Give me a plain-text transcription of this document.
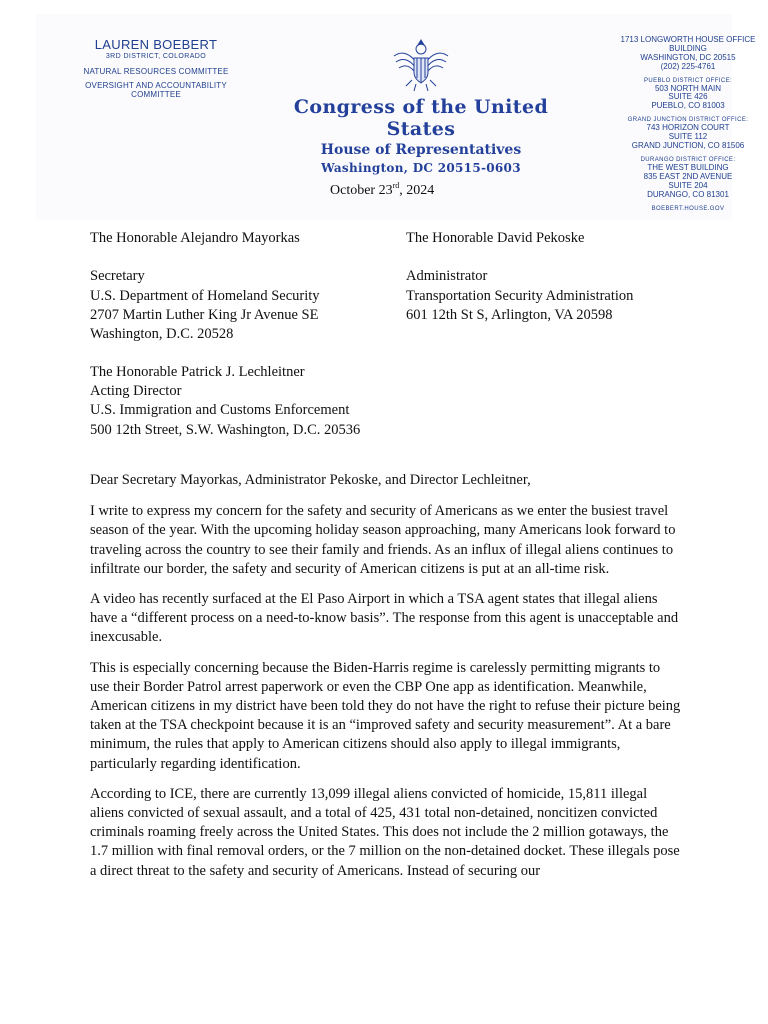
LAUREN BOEBERT
3RD DISTRICT, COLORADO
NATURAL RESOURCES COMMITTEE
OVERSIGHT AND ACCOUNTABILITY COMMITTEE
Congress of the United States
House of Representatives
Washington, DC 20515-0603
1713 LONGWORTH HOUSE OFFICE BUILDING
WASHINGTON, DC 20515
(202) 225-4761
PUEBLO DISTRICT OFFICE:
503 NORTH MAIN
SUITE 426
PUEBLO, CO 81003
GRAND JUNCTION DISTRICT OFFICE:
743 HORIZON COURT
SUITE 112
GRAND JUNCTION, CO 81506
DURANGO DISTRICT OFFICE:
THE WEST BUILDING
835 EAST 2ND AVENUE
SUITE 204
DURANGO, CO 81301
BOEBERT.HOUSE.GOV
October 23rd, 2024
The Honorable Alejandro Mayorkas
Secretary
U.S. Department of Homeland Security
2707 Martin Luther King Jr Avenue SE
Washington, D.C. 20528
The Honorable David Pekoske
Administrator
Transportation Security Administration
601 12th St S, Arlington, VA 20598
The Honorable Patrick J. Lechleitner
Acting Director
U.S. Immigration and Customs Enforcement
500 12th Street, S.W. Washington, D.C. 20536

Dear Secretary Mayorkas, Administrator Pekoske, and Director Lechleitner,

I write to express my concern for the safety and security of Americans as we enter the busiest travel season of the year. With the upcoming holiday season approaching, many Americans look forward to traveling across the country to see their family and friends. As an influx of illegal aliens continues to infiltrate our border, the safety and security of American citizens is put at an all-time risk.

A video has recently surfaced at the El Paso Airport in which a TSA agent states that illegal aliens have a “different process on a need-to-know basis”. The response from this agent is unacceptable and inexcusable.

This is especially concerning because the Biden-Harris regime is carelessly permitting migrants to use their Border Patrol arrest paperwork or even the CBP One app as identification. Meanwhile, American citizens in my district have been told they do not have the right to refuse their picture being taken at the TSA checkpoint because it is an “improved safety and security measurement”. At a bare minimum, the rules that apply to American citizens should also apply to illegal immigrants, particularly regarding identification.

According to ICE, there are currently 13,099 illegal aliens convicted of homicide, 15,811 illegal aliens convicted of sexual assault, and a total of 425, 431 total non-detained, noncitizen convicted criminals roaming freely across the United States. This does not include the 2 million gotaways, the 1.7 million with final removal orders, or the 7 million on the non-detained docket. These illegals pose a direct threat to the safety and security of Americans. Instead of securing our
